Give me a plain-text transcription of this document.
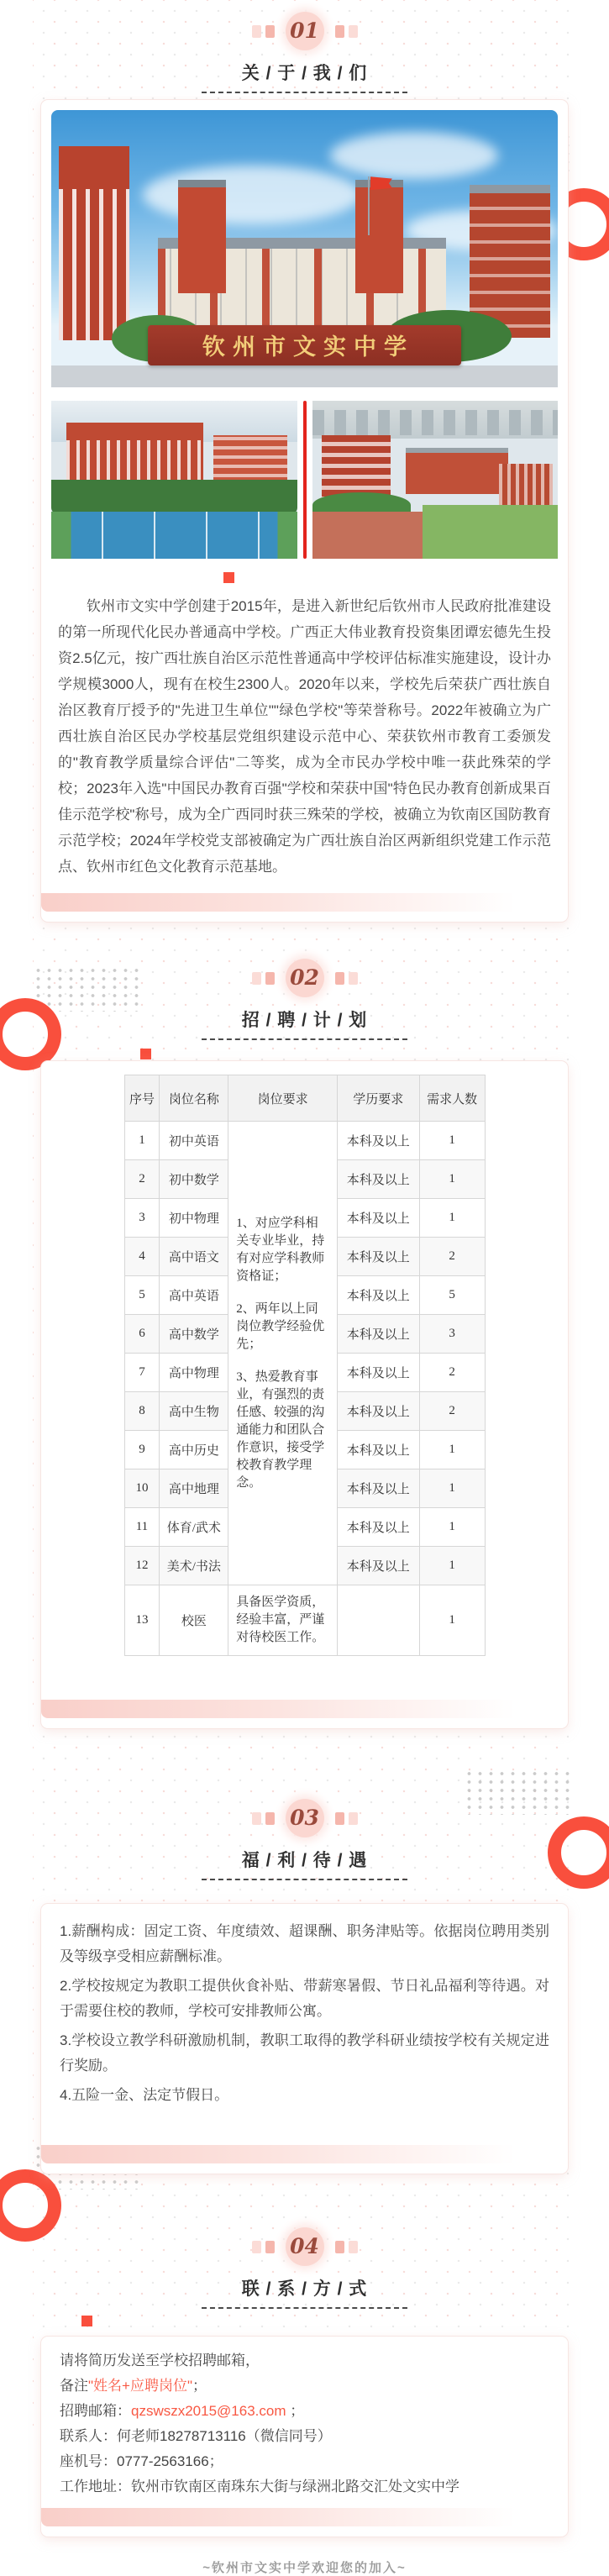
01
关 / 于 / 我 / 们
钦州市文实中学

钦州市文实中学创建于2015年，是进入新世纪后钦州市人民政府批准建设的第一所现代化民办普通高中学校。广西正大伟业教育投资集团谭宏德先生投资2.5亿元，按广西壮族自治区示范性普通高中学校评估标准实施建设，设计办学规模3000人，现有在校生2300人。2020年以来，学校先后荣获广西壮族自治区教育厅授予的"先进卫生单位""绿色学校"等荣誉称号。2022年被确立为广西壮族自治区民办学校基层党组织建设示范中心、荣获钦州市教育工委颁发的"教育教学质量综合评估"二等奖，成为全市民办学校中唯一获此殊荣的学校；2023年入选"中国民办教育百强"学校和荣获中国"特色民办教育创新成果百佳示范学校"称号，成为全广西同时获三殊荣的学校，被确立为钦南区国防教育示范学校；2024年学校党支部被确定为广西壮族自治区两新组织党建工作示范点、钦州市红色文化教育示范基地。

02
招 / 聘 / 计 / 划
序号	岗位名称	岗位要求	学历要求	需求人数
1	初中英语	1、对应学科相关专业毕业，持有对应学科教师资格证；

2、两年以上同岗位教学经验优先；

3、热爱教育事业，有强烈的责任感、较强的沟通能力和团队合作意识，接受学校教育教学理念。	本科及以上	1
2	初中数学		本科及以上	1
3	初中物理		本科及以上	1
4	高中语文		本科及以上	2
5	高中英语		本科及以上	5
6	高中数学		本科及以上	3
7	高中物理		本科及以上	2
8	高中生物		本科及以上	2
9	高中历史		本科及以上	1
10	高中地理		本科及以上	1
11	体育/武术		本科及以上	1
12	美术/书法		本科及以上	1
13	校医	具备医学资质，经验丰富，严谨对待校医工作。		1
03
福 / 利 / 待 / 遇

1.薪酬构成：固定工资、年度绩效、超课酬、职务津贴等。依据岗位聘用类别及等级享受相应薪酬标准。

2.学校按规定为教职工提供伙食补贴、带薪寒暑假、节日礼品福利等待遇。对于需要住校的教师，学校可安排教师公寓。

3.学校设立教学科研激励机制，教职工取得的教学科研业绩按学校有关规定进行奖励。

4.五险一金、法定节假日。

04
联 / 系 / 方 / 式

请将简历发送至学校招聘邮箱，

备注"姓名+应聘岗位"；

招聘邮箱：qzswszx2015@163.com ；

联系人：何老师18278713116（微信同号）

座机号：0777-2563166；

工作地址：钦州市钦南区南珠东大街与绿洲北路交汇处文实中学

~钦州市文实中学欢迎您的加入~
